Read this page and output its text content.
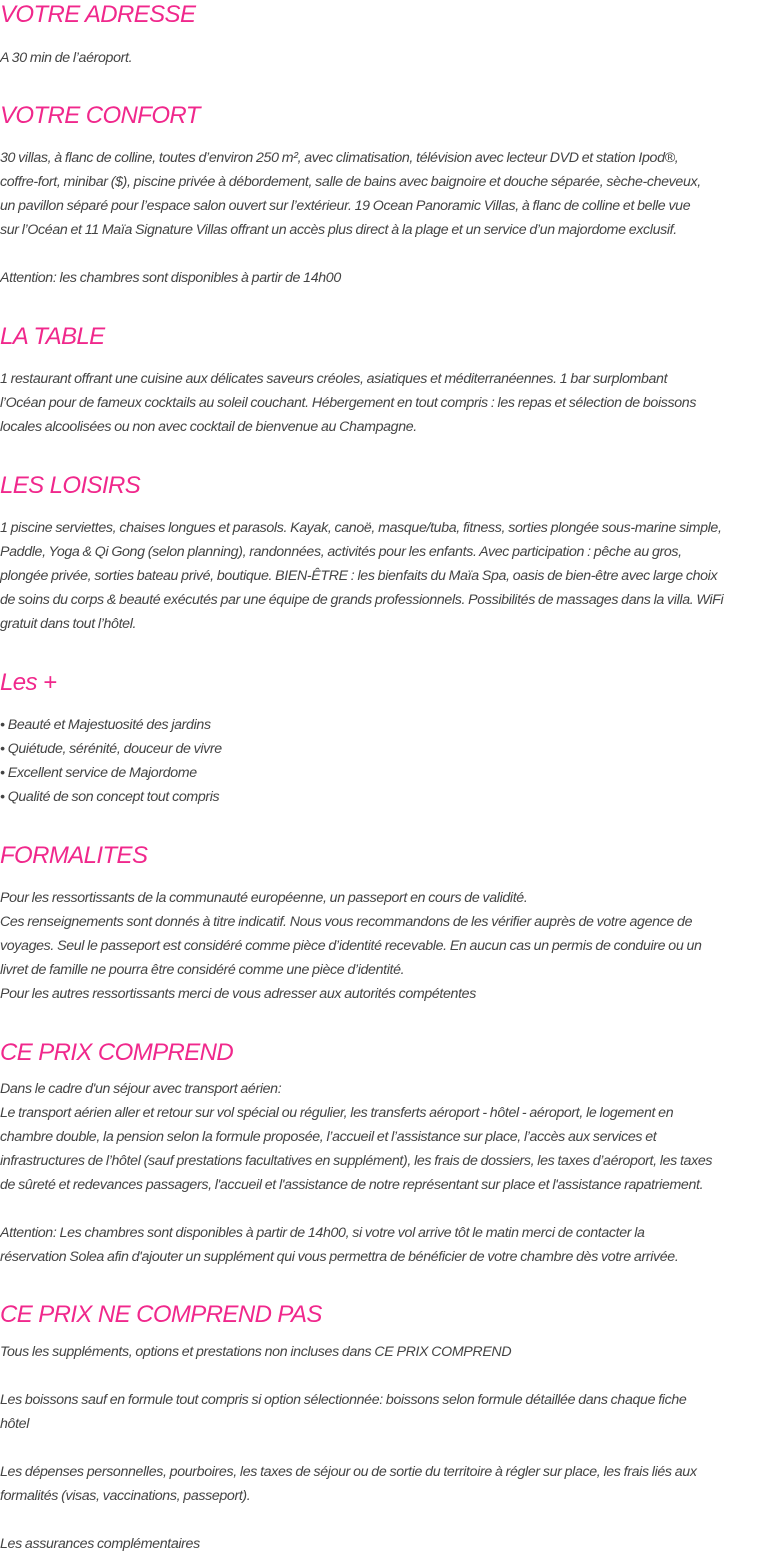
VOTRE ADRESSE

A 30 min de l’aéroport.

VOTRE CONFORT

30 villas, à flanc de colline, toutes d’environ 250 m², avec climatisation, télévision avec lecteur DVD et station Ipod®,
coffre-fort, minibar ($), piscine privée à débordement, salle de bains avec baignoire et douche séparée, sèche-cheveux,
un pavillon séparé pour l’espace salon ouvert sur l’extérieur. 19 Ocean Panoramic Villas, à flanc de colline et belle vue
sur l’Océan et 11 Maïa Signature Villas offrant un accès plus direct à la plage et un service d’un majordome exclusif.

Attention: les chambres sont disponibles à partir de 14h00

LA TABLE

1 restaurant offrant une cuisine aux délicates saveurs créoles, asiatiques et méditerranéennes. 1 bar surplombant
l’Océan pour de fameux cocktails au soleil couchant. Hébergement en tout compris : les repas et sélection de boissons
locales alcoolisées ou non avec cocktail de bienvenue au Champagne.

LES LOISIRS

1 piscine serviettes, chaises longues et parasols. Kayak, canoë, masque/tuba, fitness, sorties plongée sous-marine simple,
Paddle, Yoga & Qi Gong (selon planning), randonnées, activités pour les enfants. Avec participation : pêche au gros,
plongée privée, sorties bateau privé, boutique. BIEN-ÊTRE : les bienfaits du Maïa Spa, oasis de bien-être avec large choix
de soins du corps & beauté exécutés par une équipe de grands professionnels. Possibilités de massages dans la villa. WiFi
gratuit dans tout l’hôtel.

Les +
• Beauté et Majestuosité des jardins
• Quiétude, sérénité, douceur de vivre
• Excellent service de Majordome
• Qualité de son concept tout compris
FORMALITES

Pour les ressortissants de la communauté européenne, un passeport en cours de validité.
Ces renseignements sont donnés à titre indicatif. Nous vous recommandons de les vérifier auprès de votre agence de
voyages. Seul le passeport est considéré comme pièce d’identité recevable. En aucun cas un permis de conduire ou un
livret de famille ne pourra être considéré comme une pièce d’identité.
Pour les autres ressortissants merci de vous adresser aux autorités compétentes

CE PRIX COMPREND

Dans le cadre d'un séjour avec transport aérien:
Le transport aérien aller et retour sur vol spécial ou régulier, les transferts aéroport - hôtel - aéroport, le logement en
chambre double, la pension selon la formule proposée, l’accueil et l’assistance sur place, l’accès aux services et
infrastructures de l’hôtel (sauf prestations facultatives en supplément), les frais de dossiers, les taxes d’aéroport, les taxes
de sûreté et redevances passagers, l'accueil et l'assistance de notre représentant sur place et l'assistance rapatriement.

Attention: Les chambres sont disponibles à partir de 14h00, si votre vol arrive tôt le matin merci de contacter la
réservation Solea afin d'ajouter un supplément qui vous permettra de bénéficier de votre chambre dès votre arrivée.

CE PRIX NE COMPREND PAS

Tous les suppléments, options et prestations non incluses dans CE PRIX COMPREND

Les boissons sauf en formule tout compris si option sélectionnée: boissons selon formule détaillée dans chaque fiche
hôtel

Les dépenses personnelles, pourboires, les taxes de séjour ou de sortie du territoire à régler sur place, les frais liés aux
formalités (visas, vaccinations, passeport).

Les assurances complémentaires
